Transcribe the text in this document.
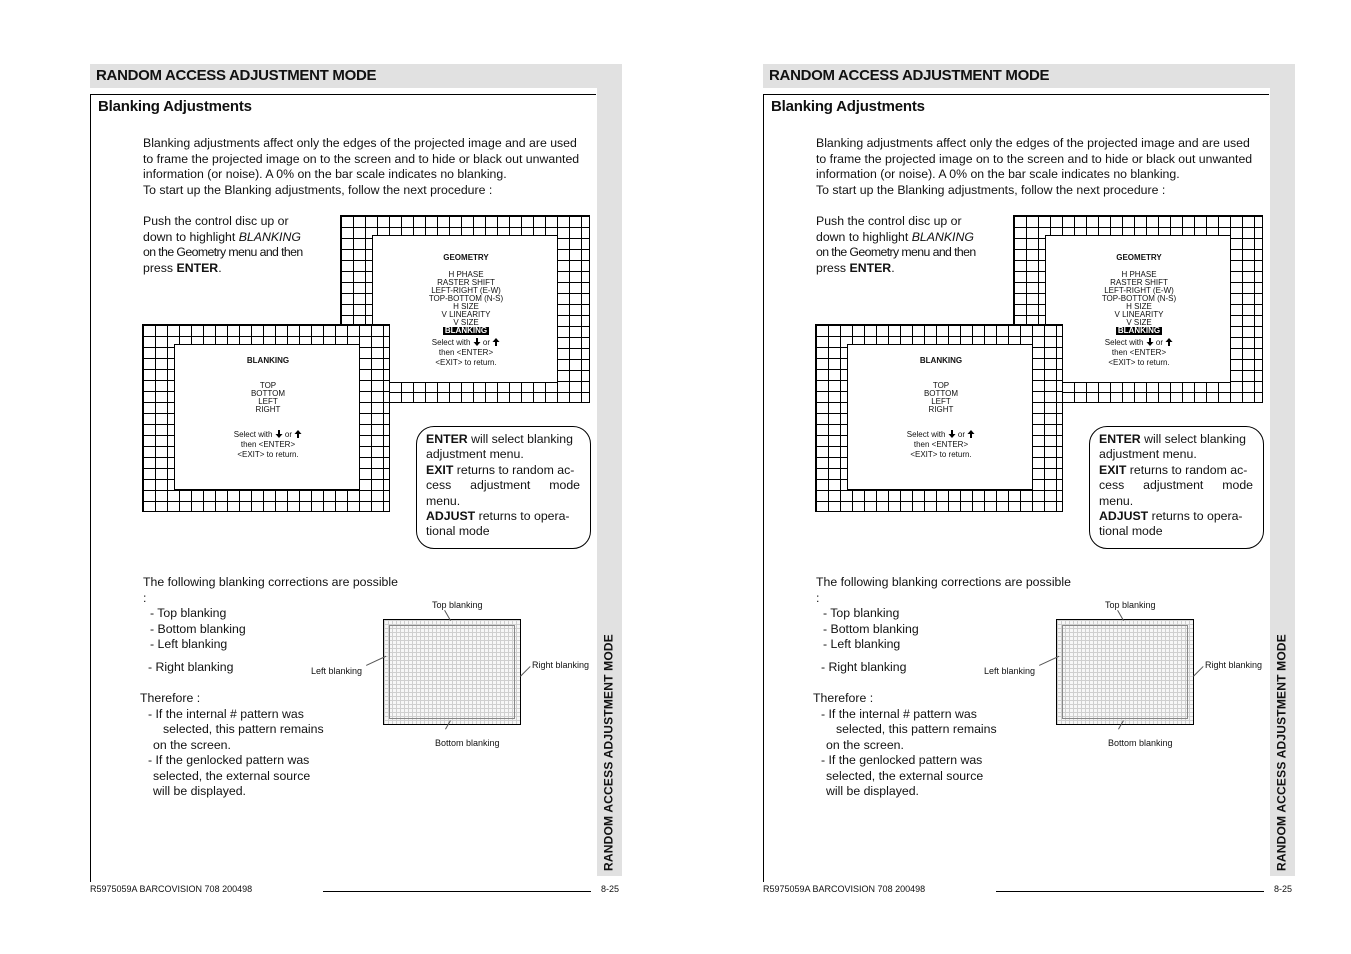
RANDOM ACCESS ADJUSTMENT MODE
RANDOM ACCESS ADJUSTMENT MODE
Blanking Adjustments

Blanking adjustments affect only the edges of the projected image and are used

to frame the projected image on to the screen and to hide or black out unwanted

information (or noise). A 0% on the bar scale indicates no blanking.

To start up the Blanking adjustments, follow the next procedure :

Push the control disc up or

down to highlight BLANKING

on the Geometry menu and then

press ENTER.

GEOMETRY
H PHASE
RASTER SHIFT
LEFT-RIGHT (E-W)
TOP-BOTTOM (N-S)
H SIZE
V LINEARITY
V SIZE
BLANKING
Select with or
then <ENTER>
<EXIT> to return.
BLANKING
TOP
BOTTOM
LEFT
RIGHT
Select with or
then <ENTER>
<EXIT> to return.

ENTER will select blanking

adjustment menu.

EXIT returns to random ac-

cess adjustment mode

menu.

ADJUST returns to opera-

tional mode

The following blanking corrections are possible
:
- Top blanking
- Bottom blanking
- Left blanking
- Right blanking
Therefore :
- If the internal # pattern was
selected, this pattern remains
on the screen.
- If the genlocked pattern was
selected, the external source
will be displayed.
Top blanking
Bottom blanking
Left blanking
Right blanking
R5975059A BARCOVISION 708 200498	8-25
RANDOM ACCESS ADJUSTMENT MODE
RANDOM ACCESS ADJUSTMENT MODE
Blanking Adjustments

Blanking adjustments affect only the edges of the projected image and are used

to frame the projected image on to the screen and to hide or black out unwanted

information (or noise). A 0% on the bar scale indicates no blanking.

To start up the Blanking adjustments, follow the next procedure :

Push the control disc up or

down to highlight BLANKING

on the Geometry menu and then

press ENTER.

GEOMETRY
H PHASE
RASTER SHIFT
LEFT-RIGHT (E-W)
TOP-BOTTOM (N-S)
H SIZE
V LINEARITY
V SIZE
BLANKING
Select with or
then <ENTER>
<EXIT> to return.
BLANKING
TOP
BOTTOM
LEFT
RIGHT
Select with or
then <ENTER>
<EXIT> to return.

ENTER will select blanking

adjustment menu.

EXIT returns to random ac-

cess adjustment mode

menu.

ADJUST returns to opera-

tional mode

The following blanking corrections are possible
:
- Top blanking
- Bottom blanking
- Left blanking
- Right blanking
Therefore :
- If the internal # pattern was
selected, this pattern remains
on the screen.
- If the genlocked pattern was
selected, the external source
will be displayed.
Top blanking
Bottom blanking
Left blanking
Right blanking
R5975059A BARCOVISION 708 200498	8-25
